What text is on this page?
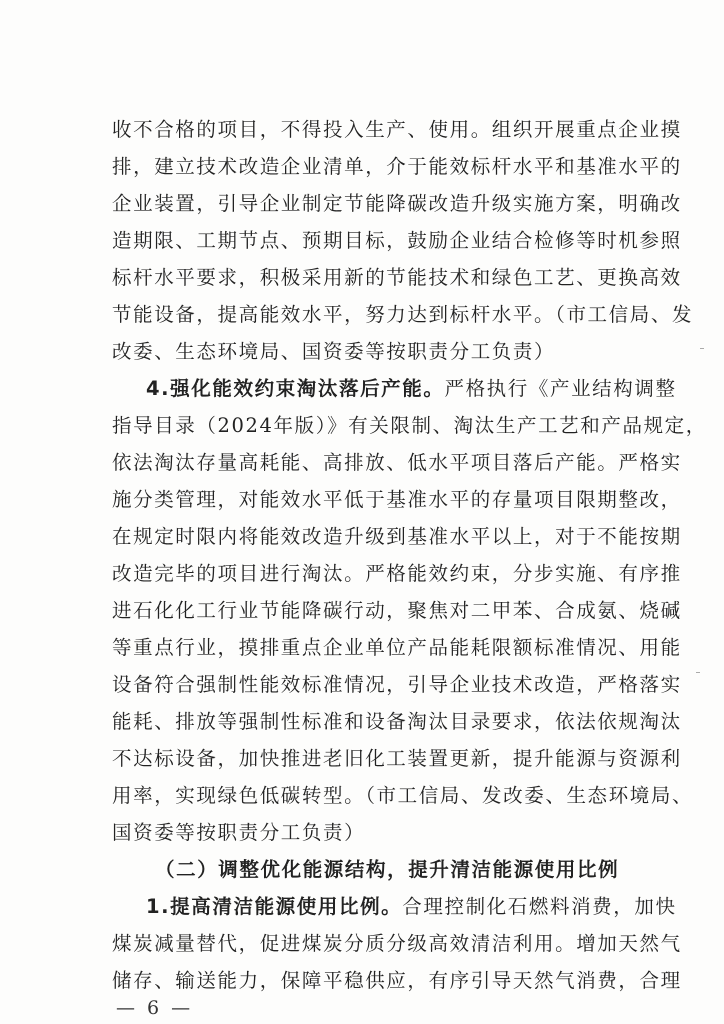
收不合格的项目，不得投入生产、使用。组织开展重点企业摸
排，建立技术改造企业清单，介于能效标杆水平和基准水平的
企业装置，引导企业制定节能降碳改造升级实施方案，明确改
造期限、工期节点、预期目标，鼓励企业结合检修等时机参照
标杆水平要求，积极采用新的节能技术和绿色工艺、更换高效
节能设备，提高能效水平，努力达到标杆水平。（市工信局、发
改委、生态环境局、国资委等按职责分工负责）
4.强化能效约束淘汰落后产能。严格执行《产业结构调整
指导目录（2024年版）》有关限制、淘汰生产工艺和产品规定，
依法淘汰存量高耗能、高排放、低水平项目落后产能。严格实
施分类管理，对能效水平低于基准水平的存量项目限期整改，
在规定时限内将能效改造升级到基准水平以上，对于不能按期
改造完毕的项目进行淘汰。严格能效约束，分步实施、有序推
进石化化工行业节能降碳行动，聚焦对二甲苯、合成氨、烧碱
等重点行业，摸排重点企业单位产品能耗限额标准情况、用能
设备符合强制性能效标准情况，引导企业技术改造，严格落实
能耗、排放等强制性标准和设备淘汰目录要求，依法依规淘汰
不达标设备，加快推进老旧化工装置更新，提升能源与资源利
用率，实现绿色低碳转型。（市工信局、发改委、生态环境局、
国资委等按职责分工负责）
（二）调整优化能源结构，提升清洁能源使用比例
1.提高清洁能源使用比例。合理控制化石燃料消费，加快
煤炭减量替代，促进煤炭分质分级高效清洁利用。增加天然气
储存、输送能力，保障平稳供应，有序引导天然气消费，合理
— 6 —
